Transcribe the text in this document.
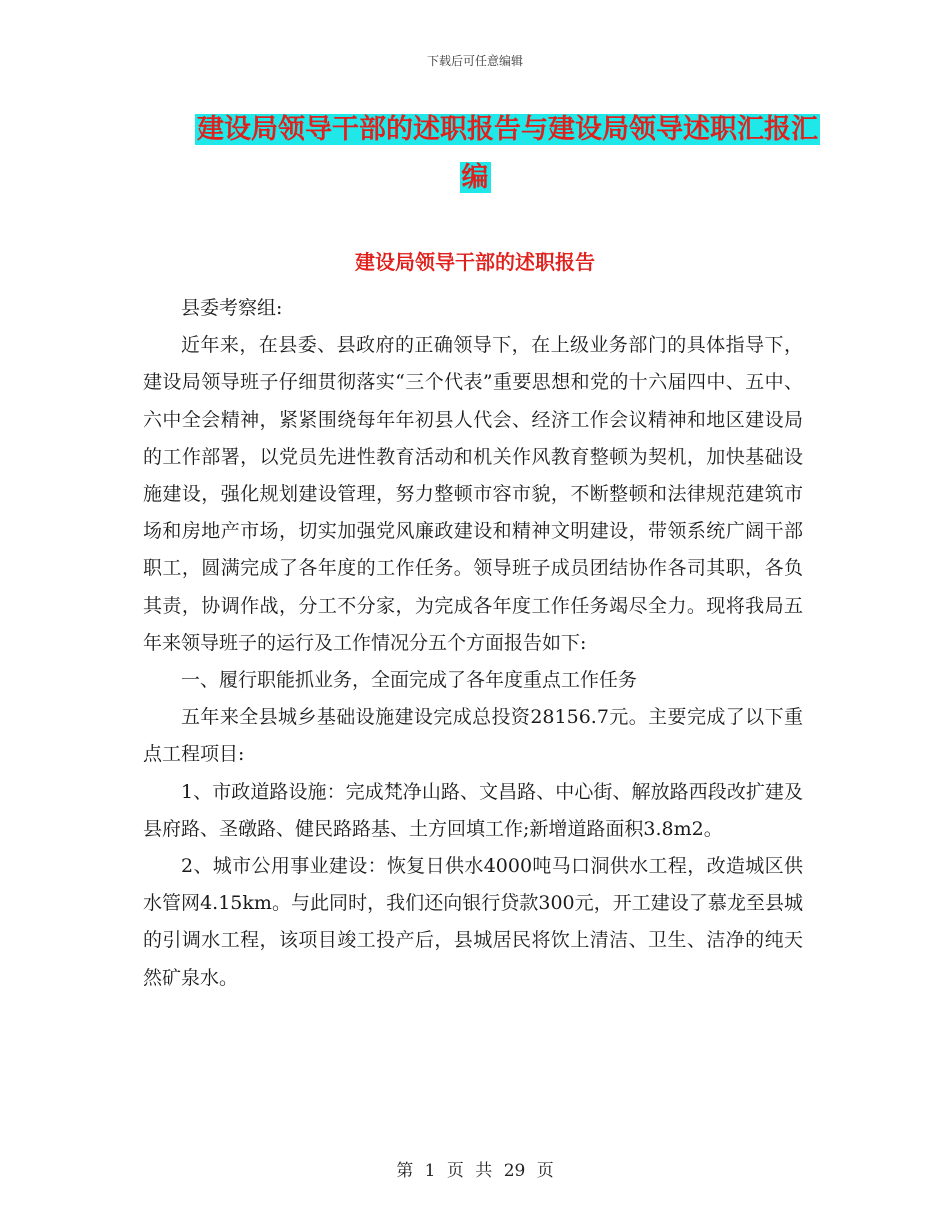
下载后可任意编辑
建设局领导干部的述职报告与建设局领导述职汇报汇
编
建设局领导干部的述职报告

县委考察组:

近年来，在县委、县政府的正确领导下，在上级业务部门的具体指导下，建设局领导班子仔细贯彻落实“三个代表”重要思想和党的十六届四中、五中、六中全会精神，紧紧围绕每年年初县人代会、经济工作会议精神和地区建设局的工作部署，以党员先进性教育活动和机关作风教育整顿为契机，加快基础设施建设，强化规划建设管理，努力整顿市容市貌，不断整顿和法律规范建筑市场和房地产市场，切实加强党风廉政建设和精神文明建设，带领系统广阔干部职工，圆满完成了各年度的工作任务。领导班子成员团结协作各司其职，各负其责，协调作战，分工不分家，为完成各年度工作任务竭尽全力。现将我局五年来领导班子的运行及工作情况分五个方面报告如下:

一、履行职能抓业务，全面完成了各年度重点工作任务

五年来全县城乡基础设施建设完成总投资28156.7元。主要完成了以下重点工程项目:

1、市政道路设施：完成梵净山路、文昌路、中心街、解放路西段改扩建及县府路、圣礅路、健民路路基、土方回填工作;新增道路面积3.8m2。

2、城市公用事业建设：恢复日供水4000吨马口洞供水工程，改造城区供水管网4.15km。与此同时，我们还向银行贷款300元，开工建设了慕龙至县城的引调水工程，该项目竣工投产后，县城居民将饮上清洁、卫生、洁净的纯天然矿泉水。

第 1 页 共 29 页
